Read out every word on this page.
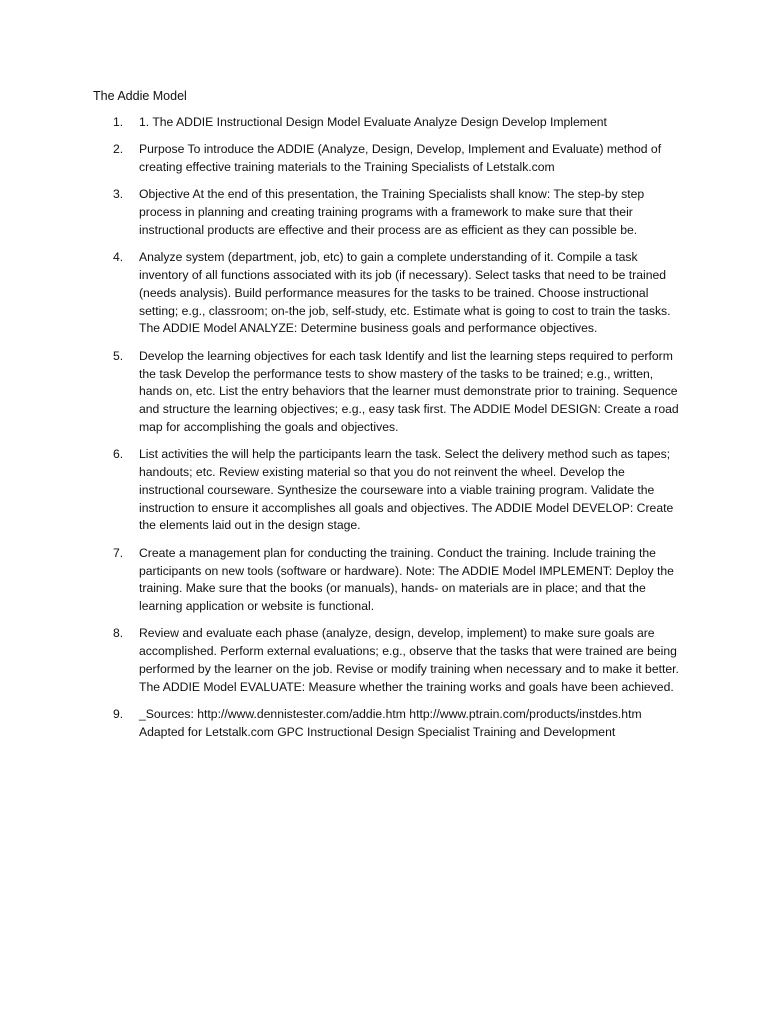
The Addie Model
1.	1. The ADDIE Instructional Design Model Evaluate Analyze Design Develop Implement
2.	Purpose To introduce the ADDIE (Analyze, Design, Develop, Implement and Evaluate) method of creating effective training materials to the Training Specialists of Letstalk.com
3.	Objective At the end of this presentation, the Training Specialists shall know: The step-by step process in planning and creating training programs with a framework to make sure that their instructional products are effective and their process are as efficient as they can possible be.
4.	Analyze system (department, job, etc) to gain a complete understanding of it. Compile a task inventory of all functions associated with its job (if necessary). Select tasks that need to be trained (needs analysis). Build performance measures for the tasks to be trained. Choose instructional setting; e.g., classroom; on-the job, self-study, etc. Estimate what is going to cost to train the tasks. The ADDIE Model ANALYZE: Determine business goals and performance objectives.
5.	Develop the learning objectives for each task Identify and list the learning steps required to perform the task Develop the performance tests to show mastery of the tasks to be trained; e.g., written, hands on, etc. List the entry behaviors that the learner must demonstrate prior to training. Sequence and structure the learning objectives; e.g., easy task first. The ADDIE Model DESIGN: Create a road map for accomplishing the goals and objectives.
6.	List activities the will help the participants learn the task. Select the delivery method such as tapes; handouts; etc. Review existing material so that you do not reinvent the wheel. Develop the instructional courseware. Synthesize the courseware into a viable training program. Validate the instruction to ensure it accomplishes all goals and objectives. The ADDIE Model DEVELOP: Create the elements laid out in the design stage.
7.	Create a management plan for conducting the training. Conduct the training. Include training the participants on new tools (software or hardware). Note: The ADDIE Model IMPLEMENT: Deploy the training. Make sure that the books (or manuals), hands- on materials are in place; and that the learning application or website is functional.
8.	Review and evaluate each phase (analyze, design, develop, implement) to make sure goals are accomplished. Perform external evaluations; e.g., observe that the tasks that were trained are being performed by the learner on the job. Revise or modify training when necessary and to make it better. The ADDIE Model EVALUATE: Measure whether the training works and goals have been achieved.
9.	_Sources: http://www.dennistester.com/addie.htm http://www.ptrain.com/products/instdes.htm Adapted for Letstalk.com GPC Instructional Design Specialist Training and Development
